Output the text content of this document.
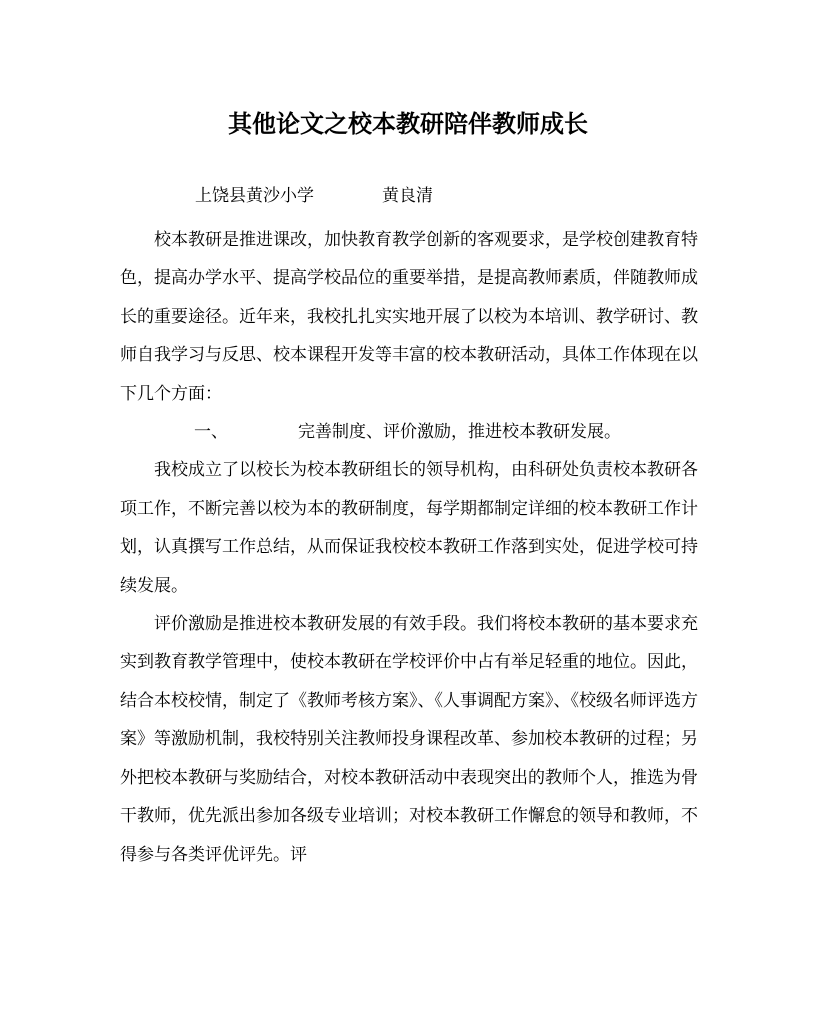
其他论文之校本教研陪伴教师成长
上饶县黄沙小学	黄良清

校本教研是推进课改，加快教育教学创新的客观要求，是学校创建教育特色，提高办学水平、提高学校品位的重要举措，是提高教师素质，伴随教师成长的重要途径。近年来，我校扎扎实实地开展了以校为本培训、教学研讨、教师自我学习与反思、校本课程开发等丰富的校本教研活动，具体工作体现在以下几个方面：

一、	完善制度、评价激励，推进校本教研发展。

我校成立了以校长为校本教研组长的领导机构，由科研处负责校本教研各项工作，不断完善以校为本的教研制度，每学期都制定详细的校本教研工作计划，认真撰写工作总结，从而保证我校校本教研工作落到实处，促进学校可持续发展。

评价激励是推进校本教研发展的有效手段。我们将校本教研的基本要求充实到教育教学管理中，使校本教研在学校评价中占有举足轻重的地位。因此，结合本校校情，制定了《教师考核方案》、《人事调配方案》、《校级名师评选方案》等激励机制，我校特别关注教师投身课程改革、参加校本教研的过程；另外把校本教研与奖励结合，对校本教研活动中表现突出的教师个人，推选为骨干教师，优先派出参加各级专业培训；对校本教研工作懈怠的领导和教师，不得参与各类评优评先。评
